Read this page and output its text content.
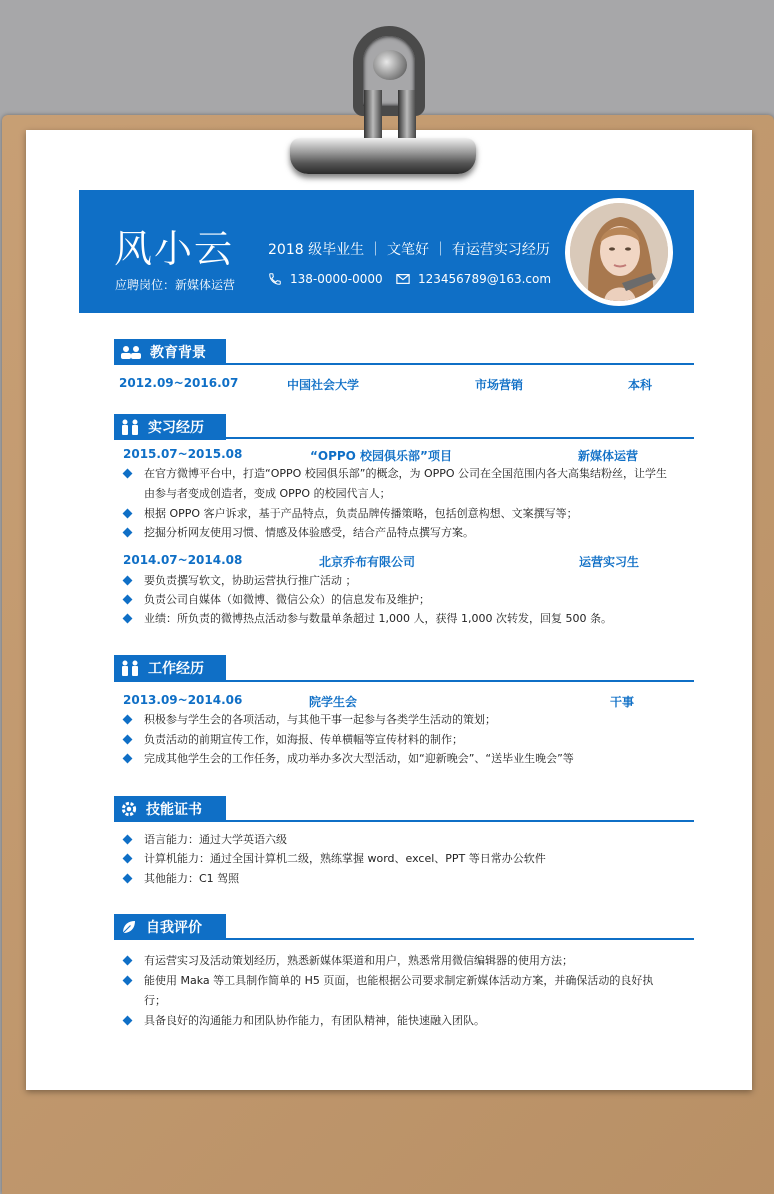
风小云
应聘岗位：新媒体运营
2018 级毕业生 ｜ 文笔好 ｜ 有运营实习经历
138-0000-0000	123456789@163.com
教育背景
2012.09~2016.07	中国社会大学	市场营销	本科
实习经历
2015.07~2015.08	“OPPO 校园俱乐部”项目	新媒体运营
在官方微博平台中，打造“OPPO 校园俱乐部”的概念，为 OPPO 公司在全国范围内各大高集结粉丝，让学生由参与者变成创造者，变成 OPPO 的校园代言人；
根据 OPPO 客户诉求，基于产品特点，负责品牌传播策略，包括创意构想、文案撰写等；
挖掘分析网友使用习惯、情感及体验感受，结合产品特点撰写方案。
2014.07~2014.08	北京乔布有限公司	运营实习生
要负责撰写软文，协助运营执行推广活动 ；
负责公司自媒体（如微博、微信公众）的信息发布及维护；
业绩：所负责的微博热点活动参与数量单条超过 1,000 人，获得 1,000 次转发，回复 500 条。
工作经历
2013.09~2014.06	院学生会	干事
积极参与学生会的各项活动，与其他干事一起参与各类学生活动的策划；
负责活动的前期宣传工作，如海报、传单横幅等宣传材料的制作；
完成其他学生会的工作任务，成功举办多次大型活动，如“迎新晚会”、“送毕业生晚会”等
技能证书
语言能力：通过大学英语六级
计算机能力：通过全国计算机二级，熟练掌握 word、excel、PPT 等日常办公软件
其他能力：C1 驾照
自我评价
有运营实习及活动策划经历，熟悉新媒体渠道和用户，熟悉常用微信编辑器的使用方法；
能使用 Maka 等工具制作简单的 H5 页面，也能根据公司要求制定新媒体活动方案，并确保活动的良好执行；
具备良好的沟通能力和团队协作能力，有团队精神，能快速融入团队。
